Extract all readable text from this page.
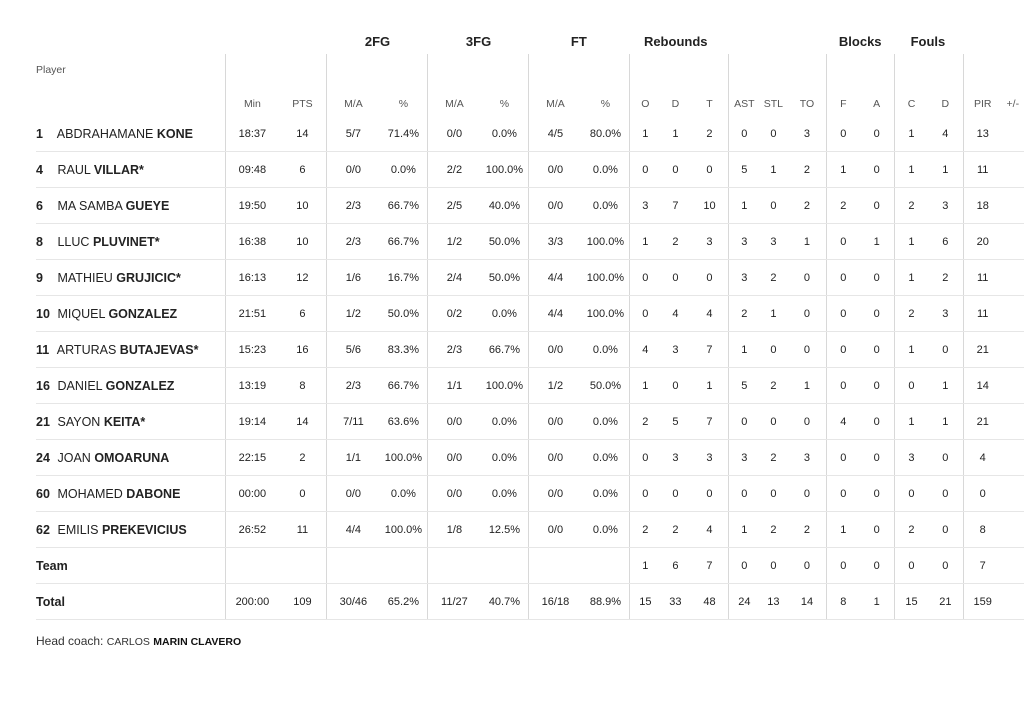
			2FG		3FG		FT		Rebounds						Blocks		Fouls			
Player	Min	PTS	M/A	%	M/A	%	M/A	%	O	D	T	AST	STL	TO	F	A	C	D	PIR	+/-
1 ABDRAHAMANE KONE	18:37	14	5/7	71.4%	0/0	0.0%	4/5	80.0%	1	1	2	0	0	3	0	0	1	4	13	
4 RAUL VILLAR*	09:48	6	0/0	0.0%	2/2	100.0%	0/0	0.0%	0	0	0	5	1	2	1	0	1	1	11	
6 MA SAMBA GUEYE	19:50	10	2/3	66.7%	2/5	40.0%	0/0	0.0%	3	7	10	1	0	2	2	0	2	3	18	
8 LLUC PLUVINET*	16:38	10	2/3	66.7%	1/2	50.0%	3/3	100.0%	1	2	3	3	3	1	0	1	1	6	20	
9 MATHIEU GRUJICIC*	16:13	12	1/6	16.7%	2/4	50.0%	4/4	100.0%	0	0	0	3	2	0	0	0	1	2	11	
10 MIQUEL GONZALEZ	21:51	6	1/2	50.0%	0/2	0.0%	4/4	100.0%	0	4	4	2	1	0	0	0	2	3	11	
11 ARTURAS BUTAJEVAS*	15:23	16	5/6	83.3%	2/3	66.7%	0/0	0.0%	4	3	7	1	0	0	0	0	1	0	21	
16 DANIEL GONZALEZ	13:19	8	2/3	66.7%	1/1	100.0%	1/2	50.0%	1	0	1	5	2	1	0	0	0	1	14	
21 SAYON KEITA*	19:14	14	7/11	63.6%	0/0	0.0%	0/0	0.0%	2	5	7	0	0	0	4	0	1	1	21	
24 JOAN OMOARUNA	22:15	2	1/1	100.0%	0/0	0.0%	0/0	0.0%	0	3	3	3	2	3	0	0	3	0	4	
60 MOHAMED DABONE	00:00	0	0/0	0.0%	0/0	0.0%	0/0	0.0%	0	0	0	0	0	0	0	0	0	0	0	
62 EMILIS PREKEVICIUS	26:52	11	4/4	100.0%	1/8	12.5%	0/0	0.0%	2	2	4	1	2	2	1	0	2	0	8	
Team									1	6	7	0	0	0	0	0	0	0	7	
Total	200:00	109	30/46	65.2%	11/27	40.7%	16/18	88.9%	15	33	48	24	13	14	8	1	15	21	159	
Head coach: CARLOS MARIN CLAVERO
